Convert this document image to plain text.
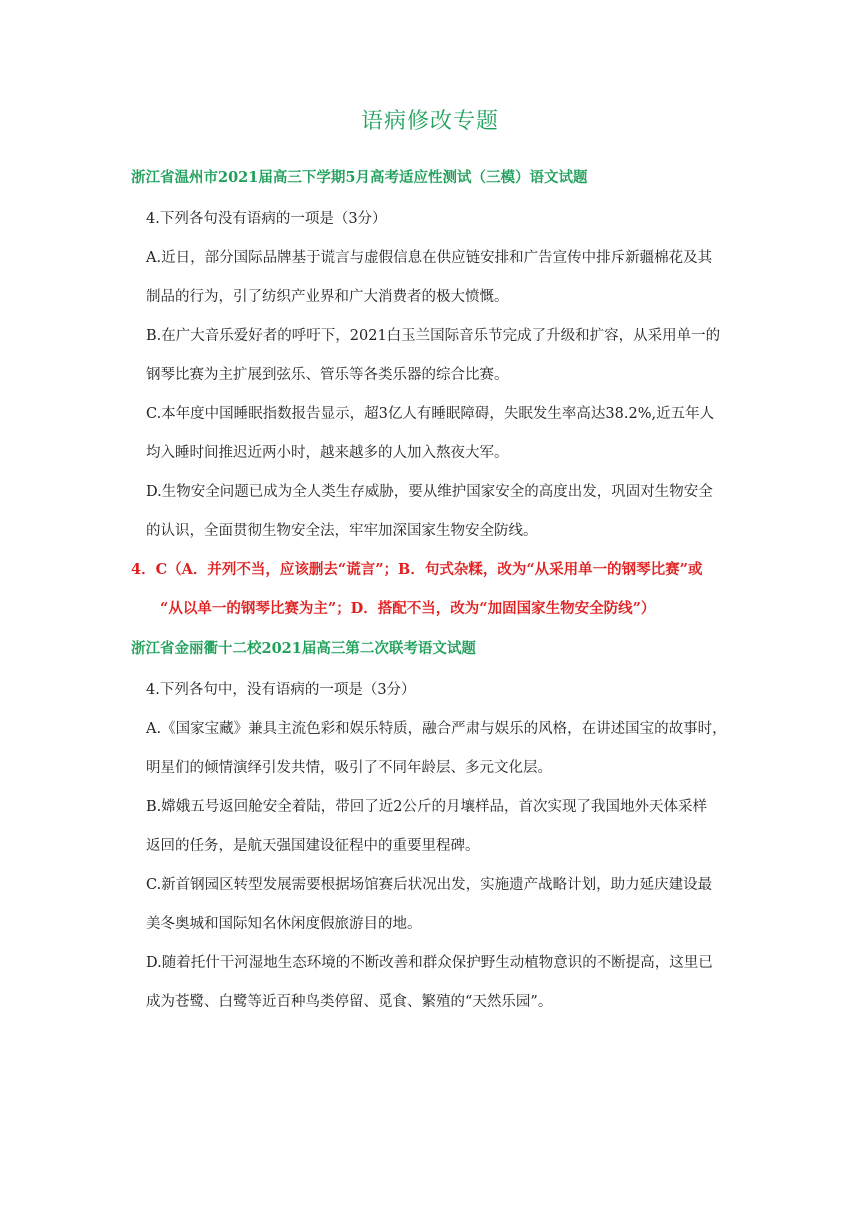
语病修改专题
浙江省温州市2021届高三下学期5月高考适应性测试（三模）语文试题
4.下列各句没有语病的一项是（3分）
A.近日，部分国际品牌基于谎言与虚假信息在供应链安排和广告宣传中排斥新疆棉花及其
制品的行为，引了纺织产业界和广大消费者的极大愤慨。
B.在广大音乐爱好者的呼吁下，2021白玉兰国际音乐节完成了升级和扩容，从采用单一的
钢琴比赛为主扩展到弦乐、管乐等各类乐器的综合比赛。
C.本年度中国睡眠指数报告显示，超3亿人有睡眠障碍，失眠发生率高达38.2%,近五年人
均入睡时间推迟近两小时，越来越多的人加入熬夜大军。
D.生物安全问题已成为全人类生存威胁，要从维护国家安全的高度出发，巩固对生物安全
的认识，全面贯彻生物安全法，牢牢加深国家生物安全防线。
4．C（A．并列不当，应该删去“谎言”；B．句式杂糅，改为“从采用单一的钢琴比赛”或
“从以单一的钢琴比赛为主”；D．搭配不当，改为“加固国家生物安全防线”）
浙江省金丽衢十二校2021届高三第二次联考语文试题
4.下列各句中，没有语病的一项是（3分）
A.《国家宝藏》兼具主流色彩和娱乐特质，融合严肃与娱乐的风格，在讲述国宝的故事时，
明星们的倾情演绎引发共情，吸引了不同年龄层、多元文化层。
B.嫦娥五号返回舱安全着陆，带回了近2公斤的月壤样品，首次实现了我国地外天体采样
返回的任务，是航天强国建设征程中的重要里程碑。
C.新首钢园区转型发展需要根据场馆赛后状况出发，实施遗产战略计划，助力延庆建设最
美冬奥城和国际知名休闲度假旅游目的地。
D.随着托什干河湿地生态环境的不断改善和群众保护野生动植物意识的不断提高，这里已
成为苍鹭、白鹭等近百种鸟类停留、觅食、繁殖的“天然乐园”。
